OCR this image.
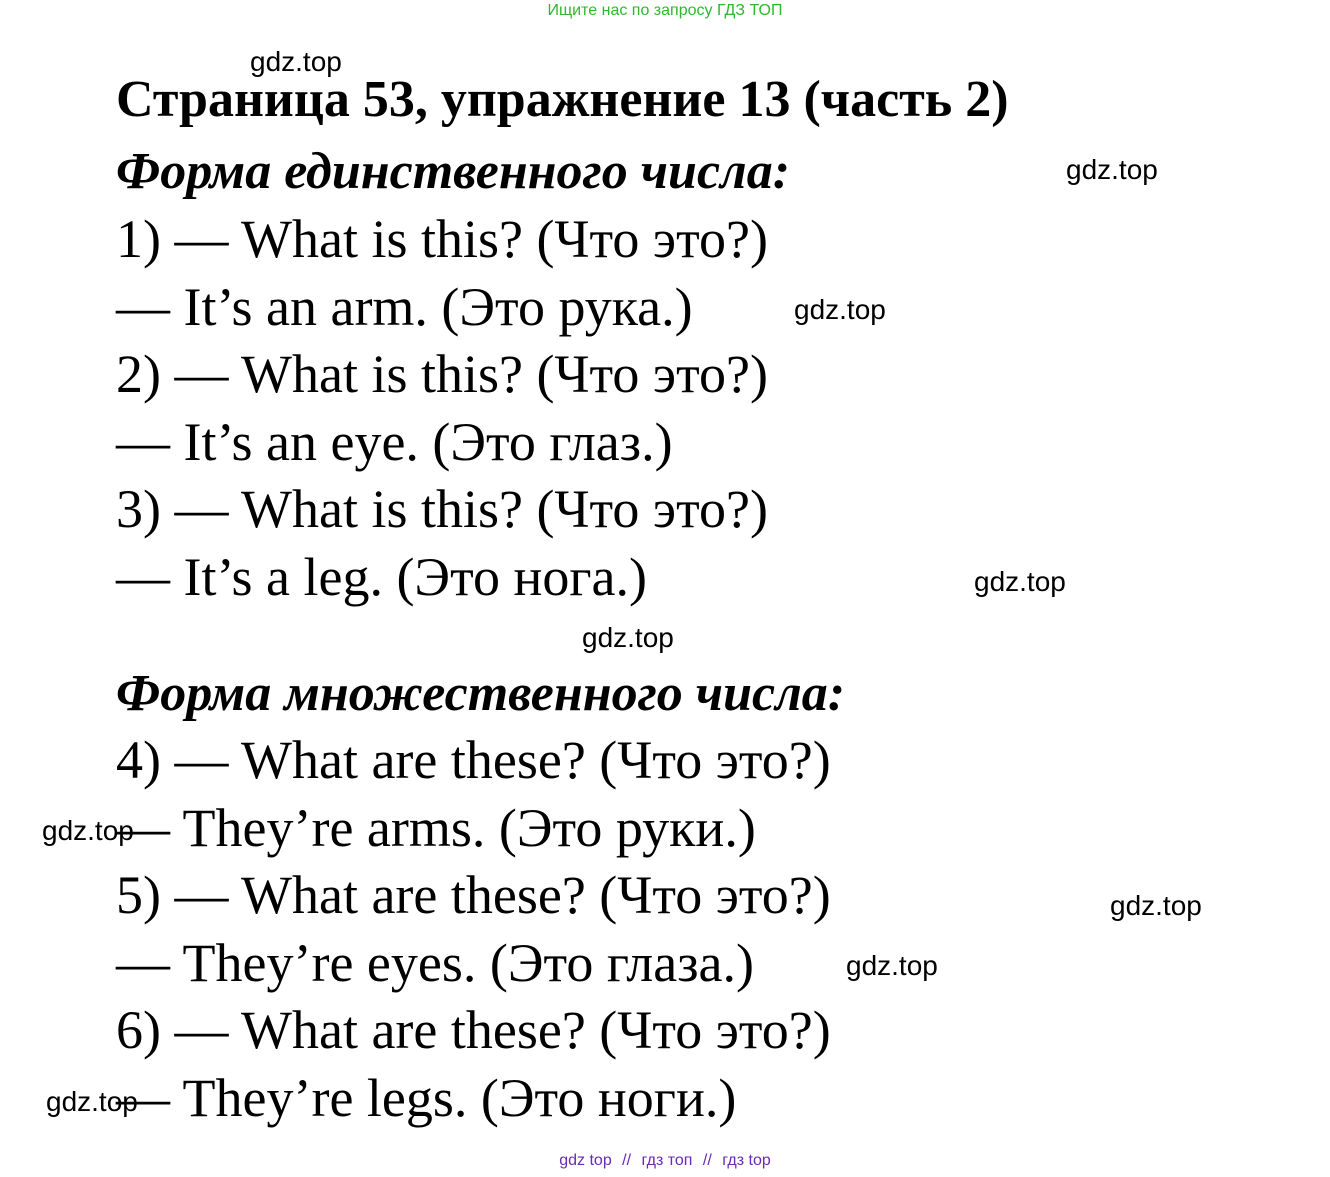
Ищите нас по запросу ГДЗ ТОП
Страница 53, упражнение 13 (часть 2)
Форма единственного числа:
1) — What is this? (Что это?)
— It’s an arm. (Это рука.)
2) — What is this? (Что это?)
— It’s an eye. (Это глаз.)
3) — What is this? (Что это?)
— It’s a leg. (Это нога.)
Форма множественного числа:
4) — What are these? (Что это?)
— They’re arms. (Это руки.)
5) — What are these? (Что это?)
— They’re eyes. (Это глаза.)
6) — What are these? (Что это?)
— They’re legs. (Это ноги.)
gdz.top
gdz.top
gdz.top
gdz.top
gdz.top
gdz.top
gdz.top
gdz.top
gdz.top
gdz top // гдз топ // гдз top
